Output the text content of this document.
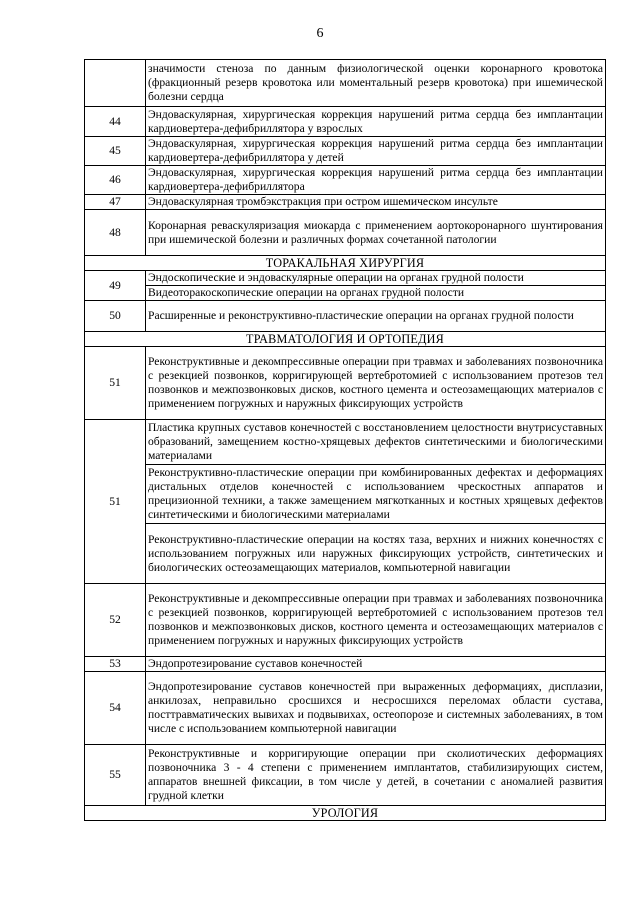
6
	значимости стеноза по данным физиологической оценки коронарного кровотока (фракционный резерв кровотока или моментальный резерв кровотока) при ишемической болезни сердца
44	Эндоваскулярная, хирургическая коррекция нарушений ритма сердца без имплантации кардиовертера-дефибриллятора у взрослых
45	Эндоваскулярная, хирургическая коррекция нарушений ритма сердца без имплантации кардиовертера-дефибриллятора у детей
46	Эндоваскулярная, хирургическая коррекция нарушений ритма сердца без имплантации кардиовертера-дефибриллятора
47	Эндоваскулярная тромбэкстракция при остром ишемическом инсульте
48	Коронарная реваскуляризация миокарда с применением аортокоронарного шунтирования при ишемической болезни и различных формах сочетанной патологии
ТОРАКАЛЬНАЯ ХИРУРГИЯ	
49	Эндоскопические и эндоваскулярные операции на органах грудной полости
	Видеоторакоскопические операции на органах грудной полости
50	Расширенные и реконструктивно-пластические операции на органах грудной полости
ТРАВМАТОЛОГИЯ И ОРТОПЕДИЯ	
51	Реконструктивные и декомпрессивные операции при травмах и заболеваниях позвоночника с резекцией позвонков, корригирующей вертебротомией с использованием протезов тел позвонков и межпозвонковых дисков, костного цемента и остеозамещающих материалов с применением погружных и наружных фиксирующих устройств
51	Пластика крупных суставов конечностей с восстановлением целостности внутрисуставных образований, замещением костно-хрящевых дефектов синтетическими и биологическими материалами
	Реконструктивно-пластические операции при комбинированных дефектах и деформациях дистальных отделов конечностей с использованием чрескостных аппаратов и прецизионной техники, а также замещением мягкотканных и костных хрящевых дефектов синтетическими и биологическими материалами
	Реконструктивно-пластические операции на костях таза, верхних и нижних конечностях с использованием погружных или наружных фиксирующих устройств, синтетических и биологических остеозамещающих материалов, компьютерной навигации
52	Реконструктивные и декомпрессивные операции при травмах и заболеваниях позвоночника с резекцией позвонков, корригирующей вертебротомией с использованием протезов тел позвонков и межпозвонковых дисков, костного цемента и остеозамещающих материалов с применением погружных и наружных фиксирующих устройств
53	Эндопротезирование суставов конечностей
54	Эндопротезирование суставов конечностей при выраженных деформациях, дисплазии, анкилозах, неправильно сросшихся и несросшихся переломах области сустава, посттравматических вывихах и подвывихах, остеопорозе и системных заболеваниях, в том числе с использованием компьютерной навигации
55	Реконструктивные и корригирующие операции при сколиотических деформациях позвоночника 3 - 4 степени с применением имплантатов, стабилизирующих систем, аппаратов внешней фиксации, в том числе у детей, в сочетании с аномалией развития грудной клетки
УРОЛОГИЯ	
